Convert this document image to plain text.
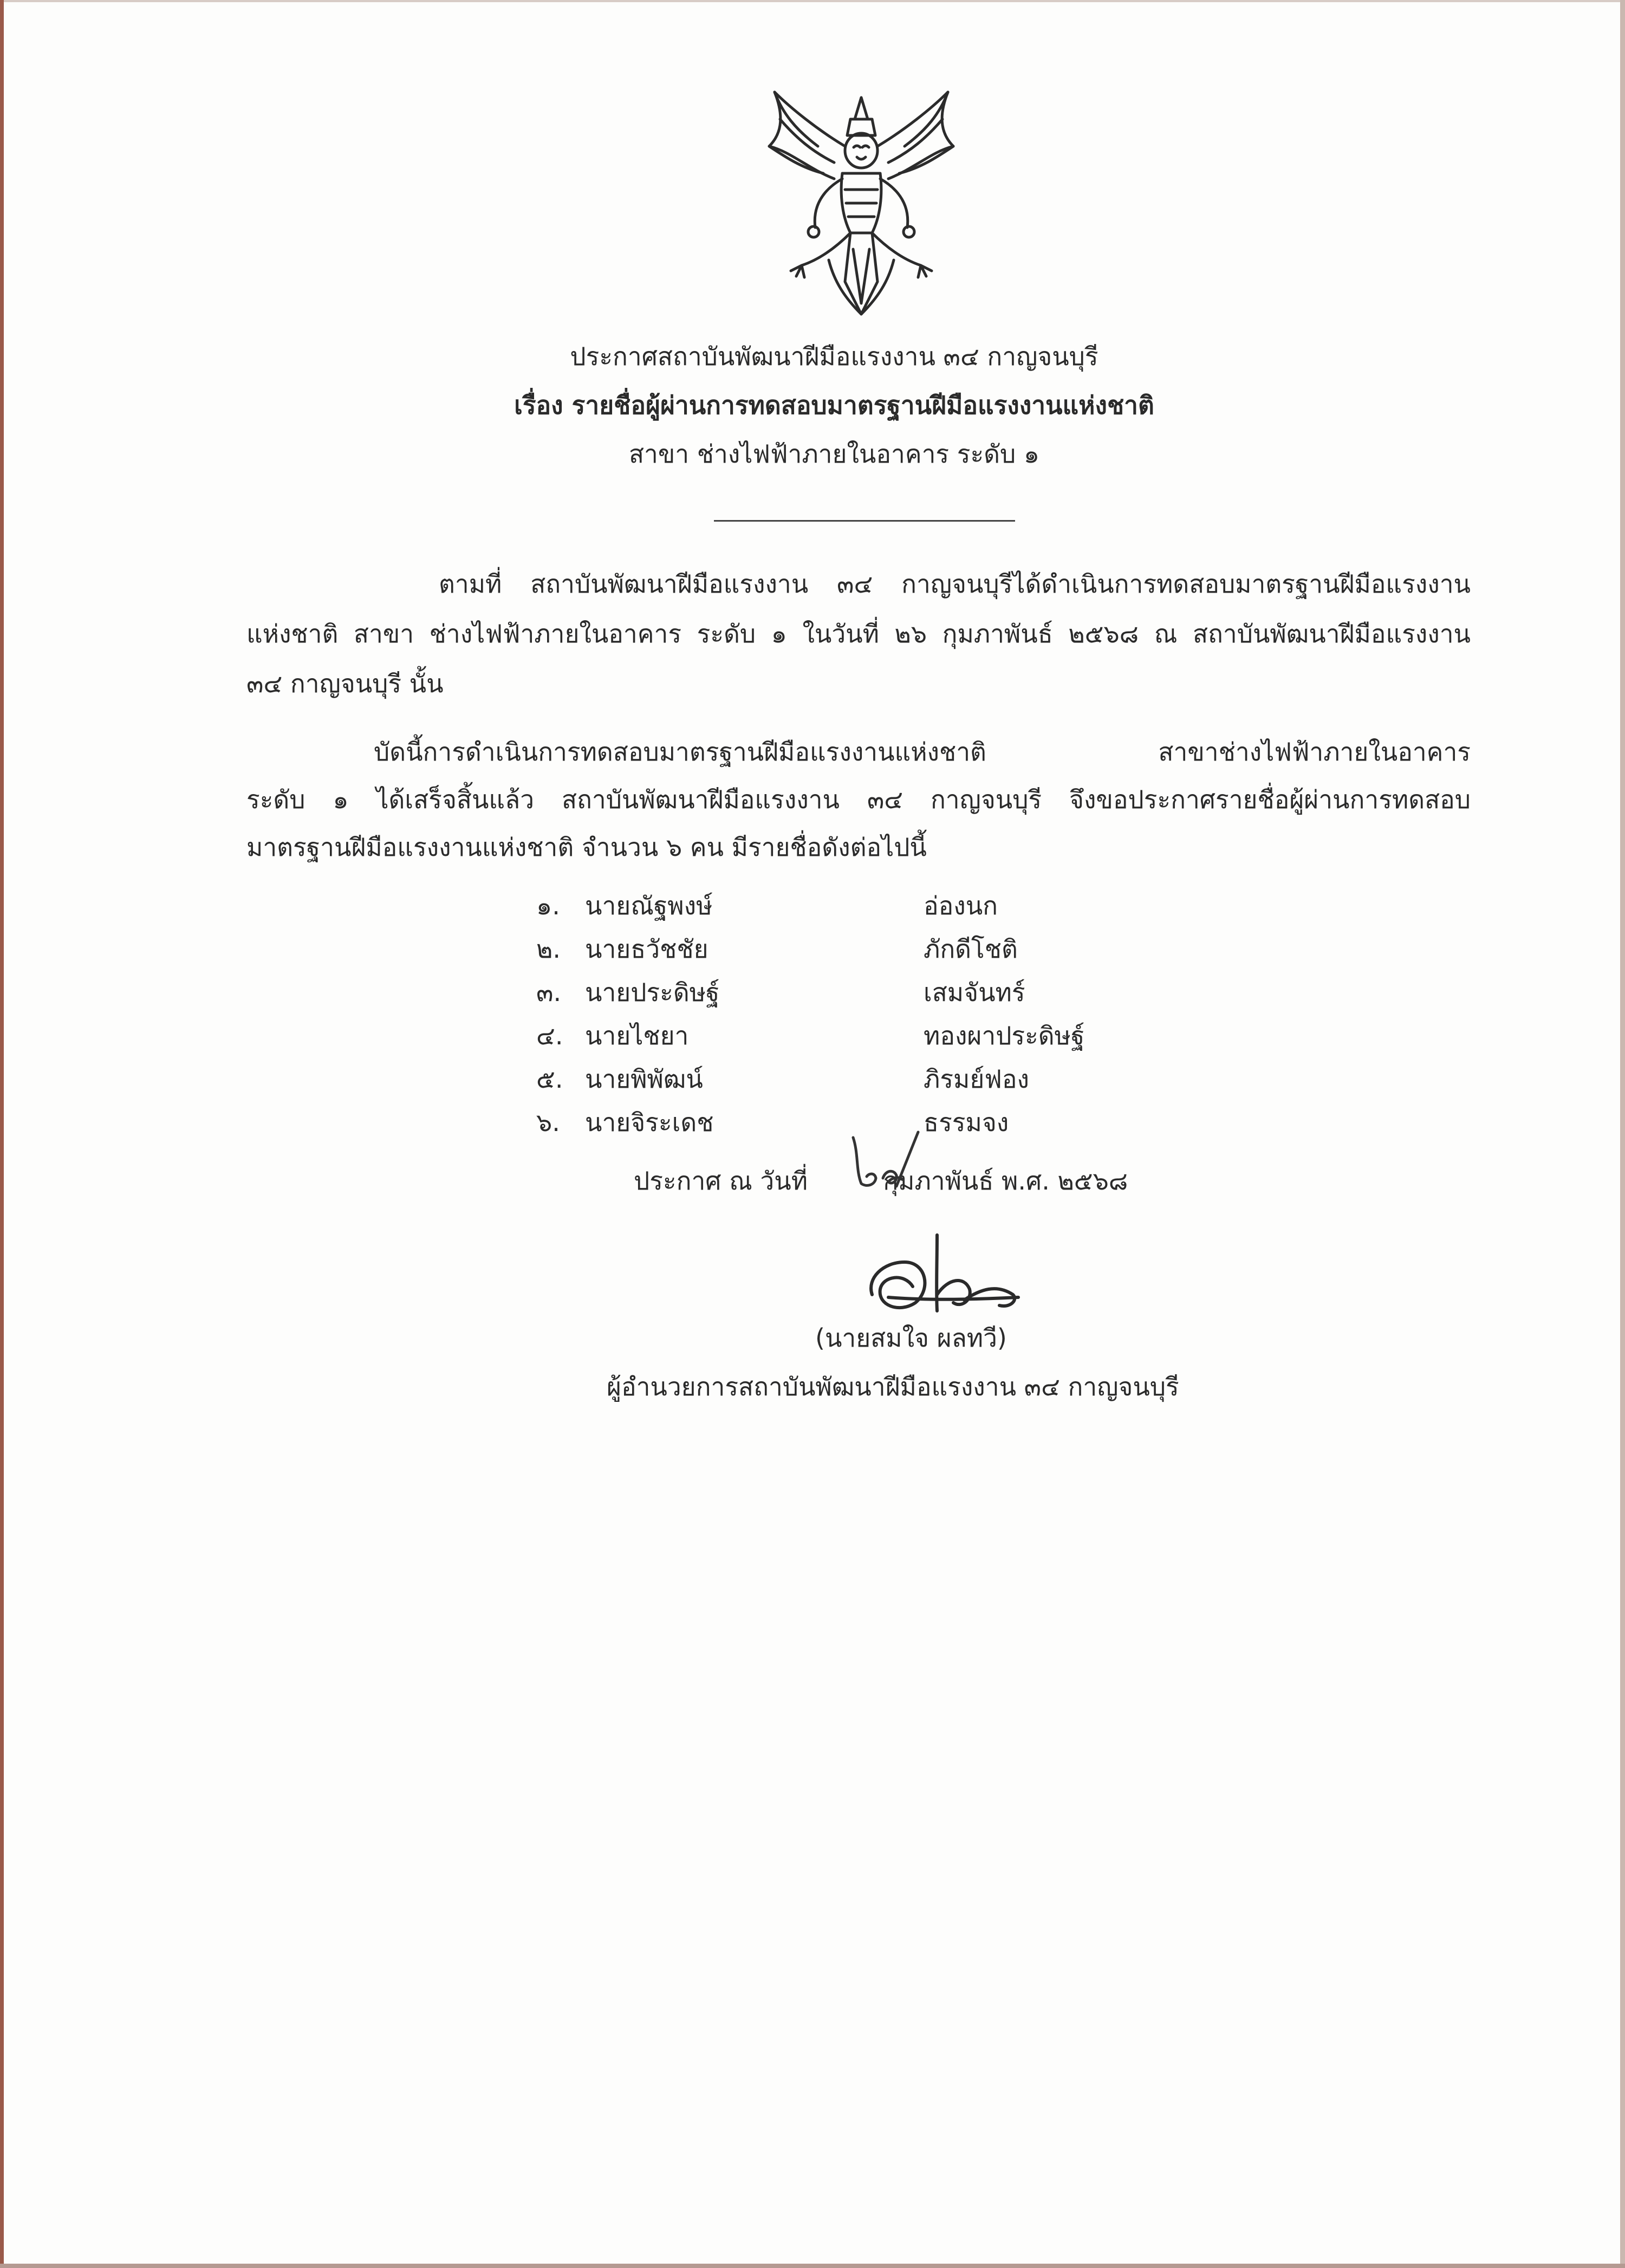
ประกาศสถาบันพัฒนาฝีมือแรงงาน ๓๔ กาญจนบุรี
เรื่อง รายชื่อผู้ผ่านการทดสอบมาตรฐานฝีมือแรงงานแห่งชาติ
สาขา ช่างไฟฟ้าภายในอาคาร ระดับ ๑
ตามที่ สถาบันพัฒนาฝีมือแรงงาน ๓๔ กาญจนบุรีได้ดำเนินการทดสอบมาตรฐานฝีมือแรงงาน
แห่งชาติ สาขา ช่างไฟฟ้าภายในอาคาร ระดับ ๑ ในวันที่ ๒๖ กุมภาพันธ์ ๒๕๖๘ ณ สถาบันพัฒนาฝีมือแรงงาน
๓๔ กาญจนบุรี นั้น
บัดนี้การดำเนินการทดสอบมาตรฐานฝีมือแรงงานแห่งชาติ สาขาช่างไฟฟ้าภายในอาคาร
ระดับ ๑ ได้เสร็จสิ้นแล้ว สถาบันพัฒนาฝีมือแรงงาน ๓๔ กาญจนบุรี จึงขอประกาศรายชื่อผู้ผ่านการทดสอบ
มาตรฐานฝีมือแรงงานแห่งชาติ จำนวน ๖ คน มีรายชื่อดังต่อไปนี้
๑.	นายณัฐพงษ์	อ่องนก
๒. นายธวัชชัย	ภักดีโชติ
๓. นายประดิษฐ์	เสมจันทร์
๔. นายไชยา	ทองผาประดิษฐ์
๕. นายพิพัฒน์	ภิรมย์ฟอง
๖.	นายจิระเดช	ธรรมจง
ประกาศ ณ วันที่	กุมภาพันธ์ พ.ศ. ๒๕๖๘
(นายสมใจ ผลทวี)
ผู้อำนวยการสถาบันพัฒนาฝีมือแรงงาน ๓๔ กาญจนบุรี
